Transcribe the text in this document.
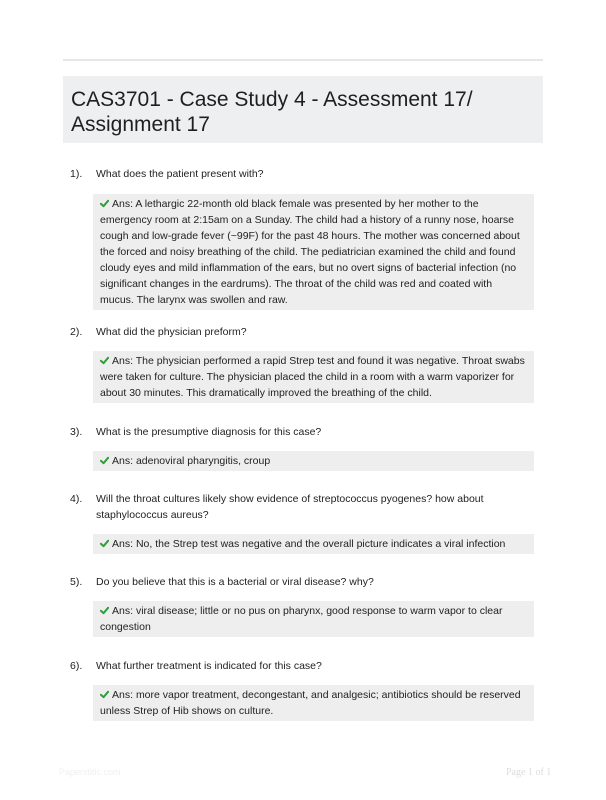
CAS3701 - Case Study 4 - Assessment 17/ Assignment 17
1).	What does the patient present with?
Ans: A lethargic 22-month old black female was presented by her mother to the emergency room at 2:15am on a Sunday. The child had a history of a runny nose, hoarse cough and low-grade fever (~99F) for the past 48 hours. The mother was concerned about the forced and noisy breathing of the child. The pediatrician examined the child and found cloudy eyes and mild inflammation of the ears, but no overt signs of bacterial infection (no significant changes in the eardrums). The throat of the child was red and coated with mucus. The larynx was swollen and raw.
2).	What did the physician preform?
Ans: The physician performed a rapid Strep test and found it was negative. Throat swabs were taken for culture. The physician placed the child in a room with a warm vaporizer for about 30 minutes. This dramatically improved the breathing of the child.
3).	What is the presumptive diagnosis for this case?
Ans: adenoviral pharyngitis, croup
4).	Will the throat cultures likely show evidence of streptococcus pyogenes? how about staphylococcus aureus?
Ans: No, the Strep test was negative and the overall picture indicates a viral infection
5).	Do you believe that this is a bacterial or viral disease? why?
Ans: viral disease; little or no pus on pharynx, good response to warm vapor to clear congestion
6).	What further treatment is indicated for this case?
Ans: more vapor treatment, decongestant, and analgesic; antibiotics should be reserved unless Strep of Hib shows on culture.
Paperstitic.com	Page 1 of 1
